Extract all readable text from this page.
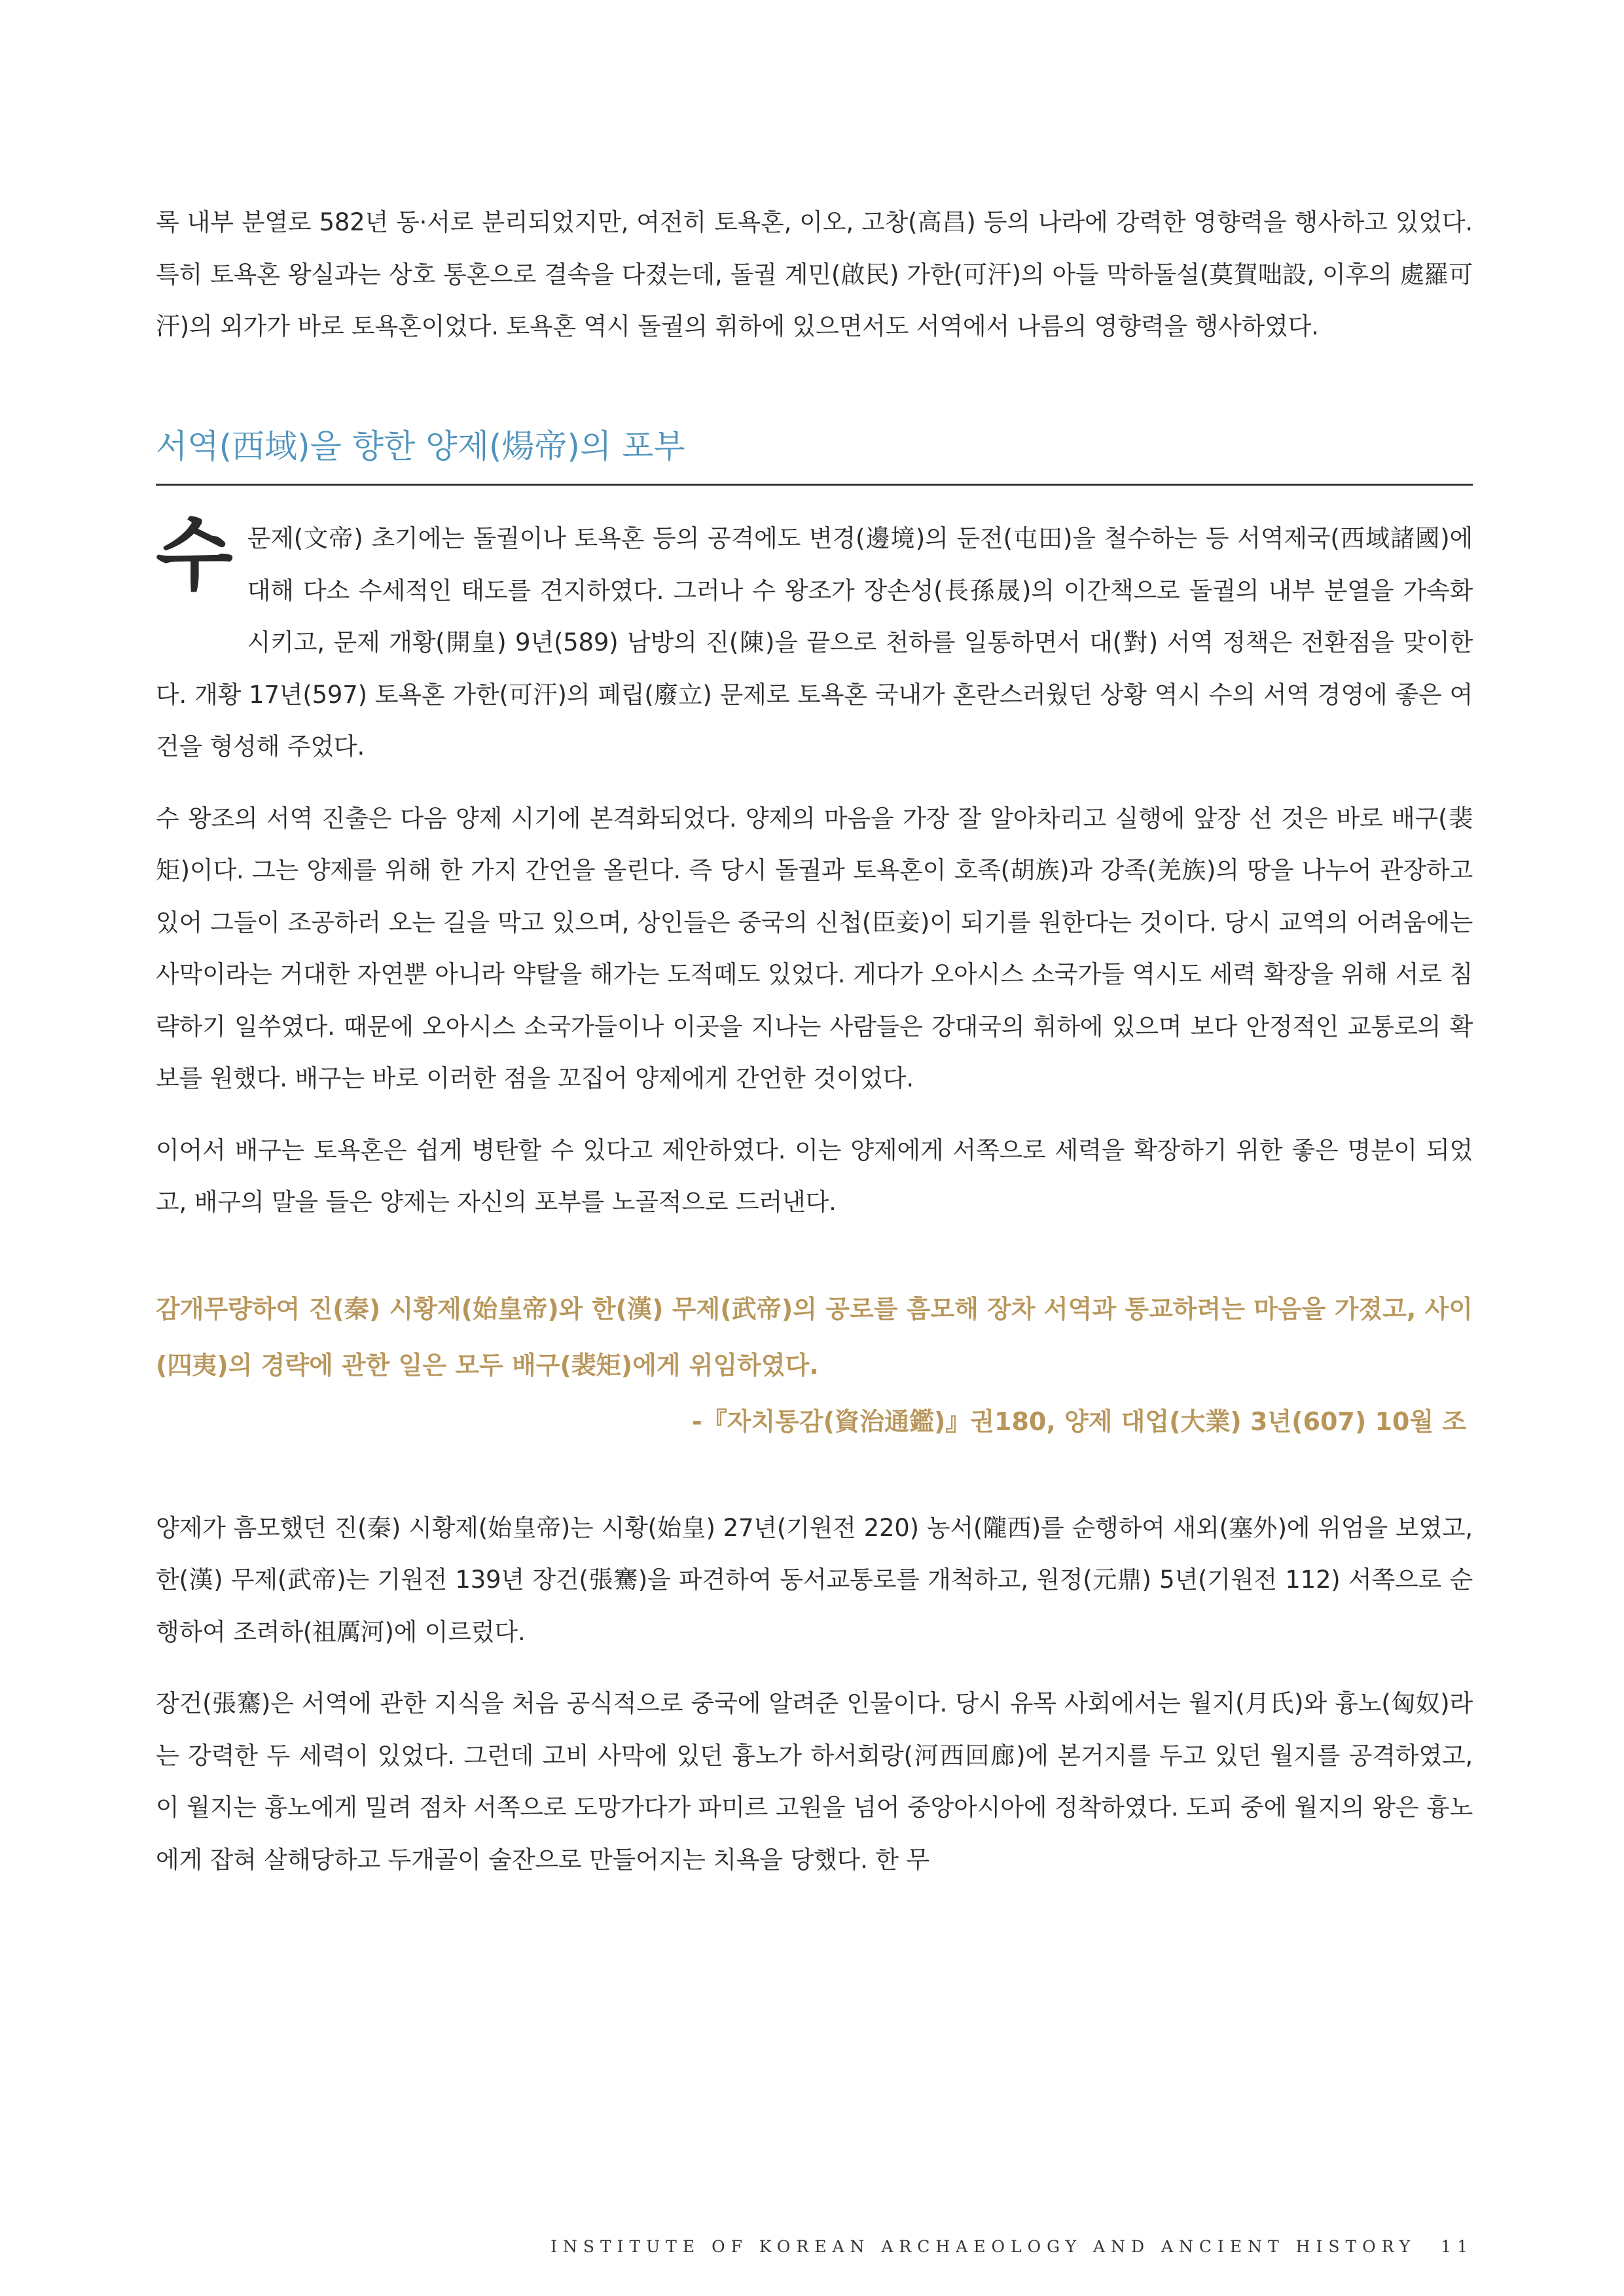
록 내부 분열로 582년 동·서로 분리되었지만, 여전히 토욕혼, 이오, 고창(高昌) 등의 나라에 강력한 영향력을 행사하고 있었다. 특히 토욕혼 왕실과는 상호 통혼으로 결속을 다졌는데, 돌궐 계민(啟民) 가한(可汗)의 아들 막하돌설(莫賀咄設, 이후의 處羅可汗)의 외가가 바로 토욕혼이었다. 토욕혼 역시 돌궐의 휘하에 있으면서도 서역에서 나름의 영향력을 행사하였다.

서역(西域)을 향한 양제(煬帝)의 포부

수문제(文帝) 초기에는 돌궐이나 토욕혼 등의 공격에도 변경(邊境)의 둔전(屯田)을 철수하는 등 서역제국(西域諸國)에 대해 다소 수세적인 태도를 견지하였다. 그러나 수 왕조가 장손성(長孫晟)의 이간책으로 돌궐의 내부 분열을 가속화 시키고, 문제 개황(開皇) 9년(589) 남방의 진(陳)을 끝으로 천하를 일통하면서 대(對) 서역 정책은 전환점을 맞이한다. 개황 17년(597) 토욕혼 가한(可汗)의 폐립(廢立) 문제로 토욕혼 국내가 혼란스러웠던 상황 역시 수의 서역 경영에 좋은 여건을 형성해 주었다.

수 왕조의 서역 진출은 다음 양제 시기에 본격화되었다. 양제의 마음을 가장 잘 알아차리고 실행에 앞장 선 것은 바로 배구(裴矩)이다. 그는 양제를 위해 한 가지 간언을 올린다. 즉 당시 돌궐과 토욕혼이 호족(胡族)과 강족(羌族)의 땅을 나누어 관장하고 있어 그들이 조공하러 오는 길을 막고 있으며, 상인들은 중국의 신첩(臣妾)이 되기를 원한다는 것이다. 당시 교역의 어려움에는 사막이라는 거대한 자연뿐 아니라 약탈을 해가는 도적떼도 있었다. 게다가 오아시스 소국가들 역시도 세력 확장을 위해 서로 침략하기 일쑤였다. 때문에 오아시스 소국가들이나 이곳을 지나는 사람들은 강대국의 휘하에 있으며 보다 안정적인 교통로의 확보를 원했다. 배구는 바로 이러한 점을 꼬집어 양제에게 간언한 것이었다.

이어서 배구는 토욕혼은 쉽게 병탄할 수 있다고 제안하였다. 이는 양제에게 서쪽으로 세력을 확장하기 위한 좋은 명분이 되었고, 배구의 말을 들은 양제는 자신의 포부를 노골적으로 드러낸다.

감개무량하여 진(秦) 시황제(始皇帝)와 한(漢) 무제(武帝)의 공로를 흠모해 장차 서역과 통교하려는 마음을 가졌고, 사이(四夷)의 경략에 관한 일은 모두 배구(裴矩)에게 위임하였다.
-『자치통감(資治通鑑)』권180, 양제 대업(大業) 3년(607) 10월 조

양제가 흠모했던 진(秦) 시황제(始皇帝)는 시황(始皇) 27년(기원전 220) 농서(隴西)를 순행하여 새외(塞外)에 위엄을 보였고, 한(漢) 무제(武帝)는 기원전 139년 장건(張騫)을 파견하여 동서교통로를 개척하고, 원정(元鼎) 5년(기원전 112) 서쪽으로 순행하여 조려하(祖厲河)에 이르렀다.

장건(張騫)은 서역에 관한 지식을 처음 공식적으로 중국에 알려준 인물이다. 당시 유목 사회에서는 월지(月氏)와 흉노(匈奴)라는 강력한 두 세력이 있었다. 그런데 고비 사막에 있던 흉노가 하서회랑(河西回廊)에 본거지를 두고 있던 월지를 공격하였고, 이 월지는 흉노에게 밀려 점차 서쪽으로 도망가다가 파미르 고원을 넘어 중앙아시아에 정착하였다. 도피 중에 월지의 왕은 흉노에게 잡혀 살해당하고 두개골이 술잔으로 만들어지는 치욕을 당했다. 한 무

INSTITUTE OF KOREAN ARCHAEOLOGY AND ANCIENT HISTORY 11
